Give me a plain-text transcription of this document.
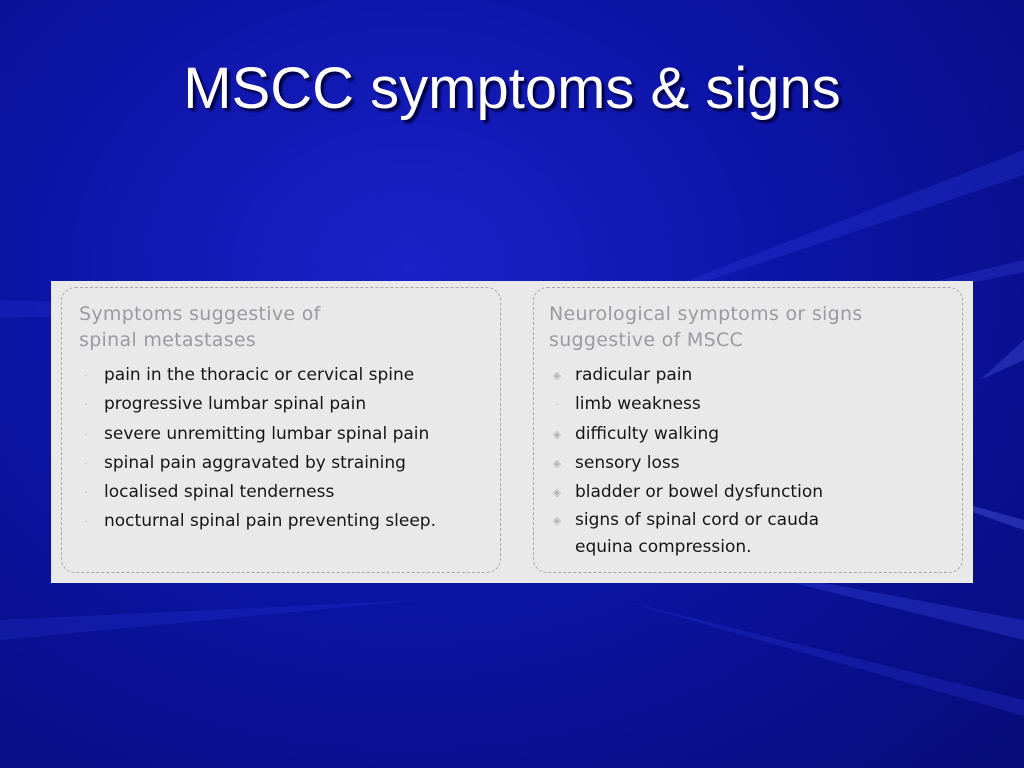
MSCC symptoms & signs
Symptoms suggestive of spinal metastases
· pain in the thoracic or cervical spine
· progressive lumbar spinal pain
· severe unremitting lumbar spinal pain
· spinal pain aggravated by straining
· localised spinal tenderness
· nocturnal spinal pain preventing sleep.
Neurological symptoms or signs suggestive of MSCC
◈ radicular pain
· limb weakness
◈ difficulty walking
◈ sensory loss
◈ bladder or bowel dysfunction
◈ signs of spinal cord or cauda equina compression.
